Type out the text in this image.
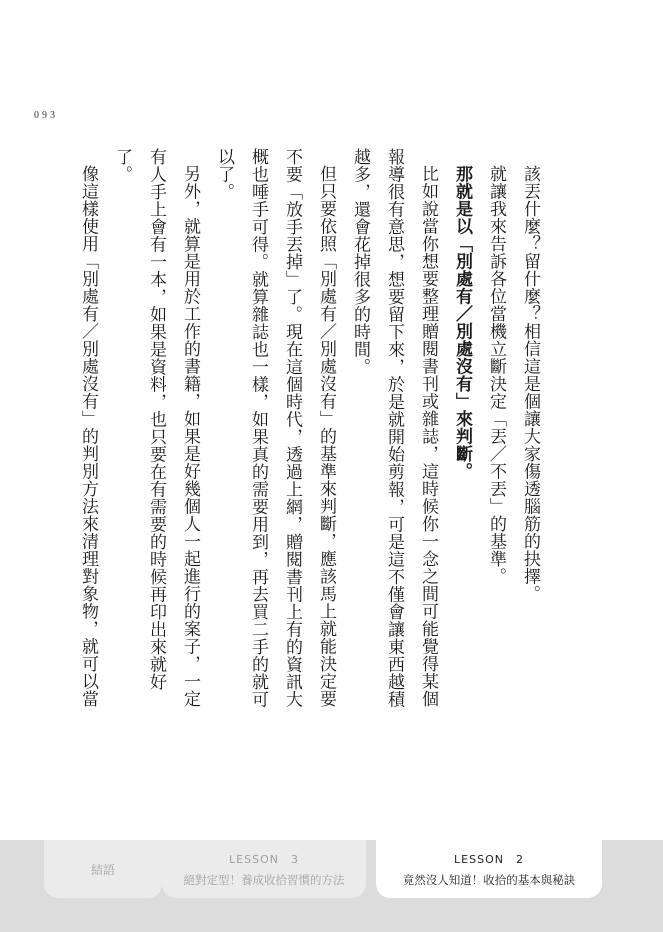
093

該丟什麼？留什麼？相信這是個讓大家傷透腦筋的抉擇。

就讓我來告訴各位當機立斷決定「丟／不丟」的基準。

那就是以「別處有／別處沒有」來判斷。

比如說當你想要整理贈閱書刊或雜誌，這時候你一念之間可能覺得某個報導很有意思，想要留下來，於是就開始剪報，可是這不僅會讓東西越積越多，還會花掉很多的時間。

但只要依照「別處有／別處沒有」的基準來判斷，應該馬上就能決定要不要「放手丟掉」了。現在這個時代，透過上網，贈閱書刊上有的資訊大概也唾手可得。就算雜誌也一樣，如果真的需要用到，再去買二手的就可以了。

另外，就算是用於工作的書籍，如果是好幾個人一起進行的案子，一定有人手上會有一本，如果是資料，也只要在有需要的時候再印出來就好了。

像這樣使用「別處有／別處沒有」的判別方法來清理對象物，就可以當

結語
LESSON　3
絕對定型！養成收拾習慣的方法
LESSON　2
竟然沒人知道！收拾的基本與秘訣
